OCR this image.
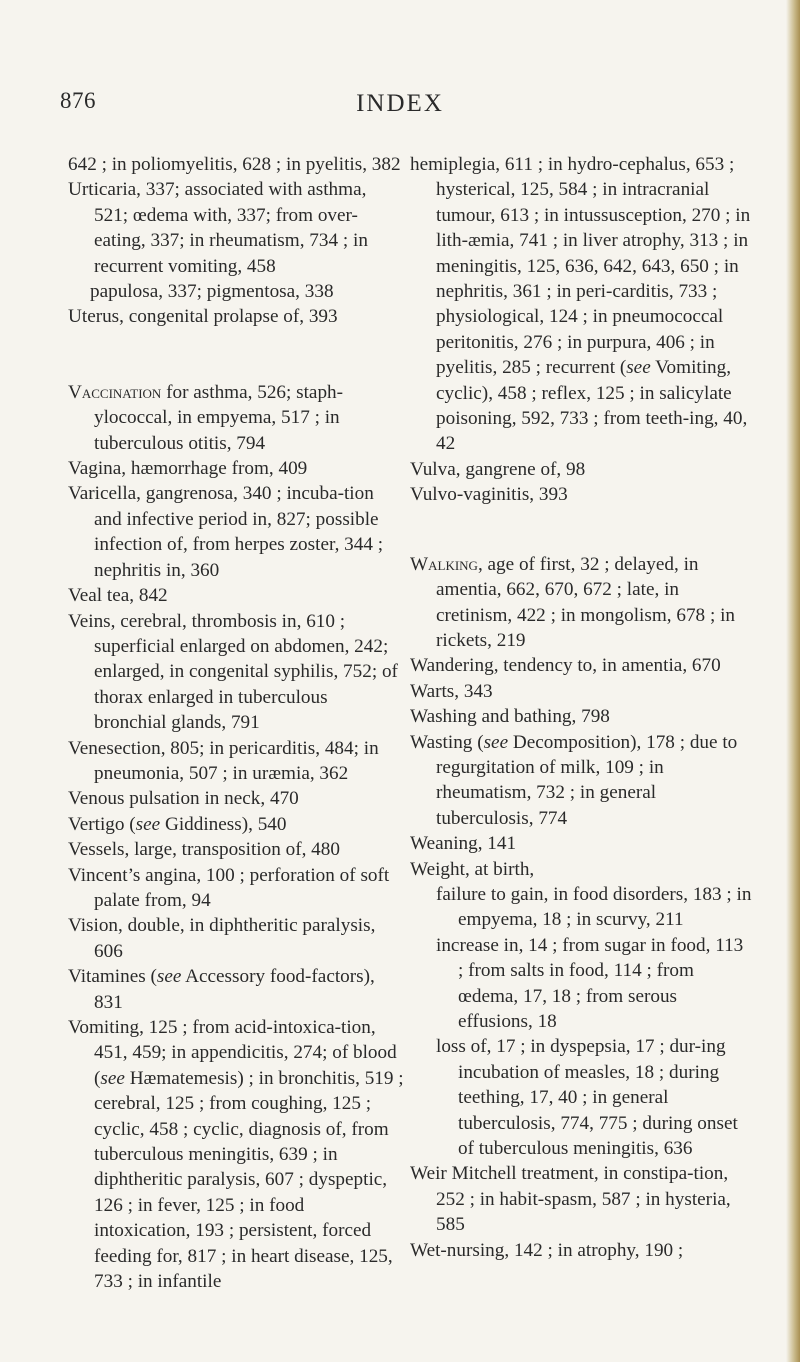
876	INDEX

642 ; in poliomyelitis, 628 ; in pyelitis, 382

Urticaria, 337; associated with asthma, 521; œdema with, 337; from over-eating, 337; in rheumatism, 734 ; in recurrent vomiting, 458

papulosa, 337; pigmentosa, 338

Uterus, congenital prolapse of, 393

Vaccination for asthma, 526; staph-ylococcal, in empyema, 517 ; in tuberculous otitis, 794

Vagina, hæmorrhage from, 409

Varicella, gangrenosa, 340 ; incuba-tion and infective period in, 827; possible infection of, from herpes zoster, 344 ; nephritis in, 360

Veal tea, 842

Veins, cerebral, thrombosis in, 610 ; superficial enlarged on abdomen, 242; enlarged, in congenital syphilis, 752; of thorax enlarged in tuberculous bronchial glands, 791

Venesection, 805; in pericarditis, 484; in pneumonia, 507 ; in uræmia, 362

Venous pulsation in neck, 470

Vertigo (see Giddiness), 540

Vessels, large, transposition of, 480

Vincent’s angina, 100 ; perforation of soft palate from, 94

Vision, double, in diphtheritic paralysis, 606

Vitamines (see Accessory food-factors), 831

Vomiting, 125 ; from acid-intoxica-tion, 451, 459; in appendicitis, 274; of blood (see Hæmatemesis) ; in bronchitis, 519 ; cerebral, 125 ; from coughing, 125 ; cyclic, 458 ; cyclic, diagnosis of, from tuberculous meningitis, 639 ; in diphtheritic paralysis, 607 ; dyspeptic, 126 ; in fever, 125 ; in food intoxication, 193 ; persistent, forced feeding for, 817 ; in heart disease, 125, 733 ; in infantile

hemiplegia, 611 ; in hydro-cephalus, 653 ; hysterical, 125, 584 ; in intracranial tumour, 613 ; in intussusception, 270 ; in lith-æmia, 741 ; in liver atrophy, 313 ; in meningitis, 125, 636, 642, 643, 650 ; in nephritis, 361 ; in peri-carditis, 733 ; physiological, 124 ; in pneumococcal peritonitis, 276 ; in purpura, 406 ; in pyelitis, 285 ; recurrent (see Vomiting, cyclic), 458 ; reflex, 125 ; in salicylate poisoning, 592, 733 ; from teeth-ing, 40, 42

Vulva, gangrene of, 98

Vulvo-vaginitis, 393

Walking, age of first, 32 ; delayed, in amentia, 662, 670, 672 ; late, in cretinism, 422 ; in mongolism, 678 ; in rickets, 219

Wandering, tendency to, in amentia, 670

Warts, 343

Washing and bathing, 798

Wasting (see Decomposition), 178 ; due to regurgitation of milk, 109 ; in rheumatism, 732 ; in general tuberculosis, 774

Weaning, 141

Weight, at birth,

failure to gain, in food disorders, 183 ; in empyema, 18 ; in scurvy, 211

increase in, 14 ; from sugar in food, 113 ; from salts in food, 114 ; from œdema, 17, 18 ; from serous effusions, 18

loss of, 17 ; in dyspepsia, 17 ; dur-ing incubation of measles, 18 ; during teething, 17, 40 ; in general tuberculosis, 774, 775 ; during onset of tuberculous meningitis, 636

Weir Mitchell treatment, in constipa-tion, 252 ; in habit-spasm, 587 ; in hysteria, 585

Wet-nursing, 142 ; in atrophy, 190 ;
